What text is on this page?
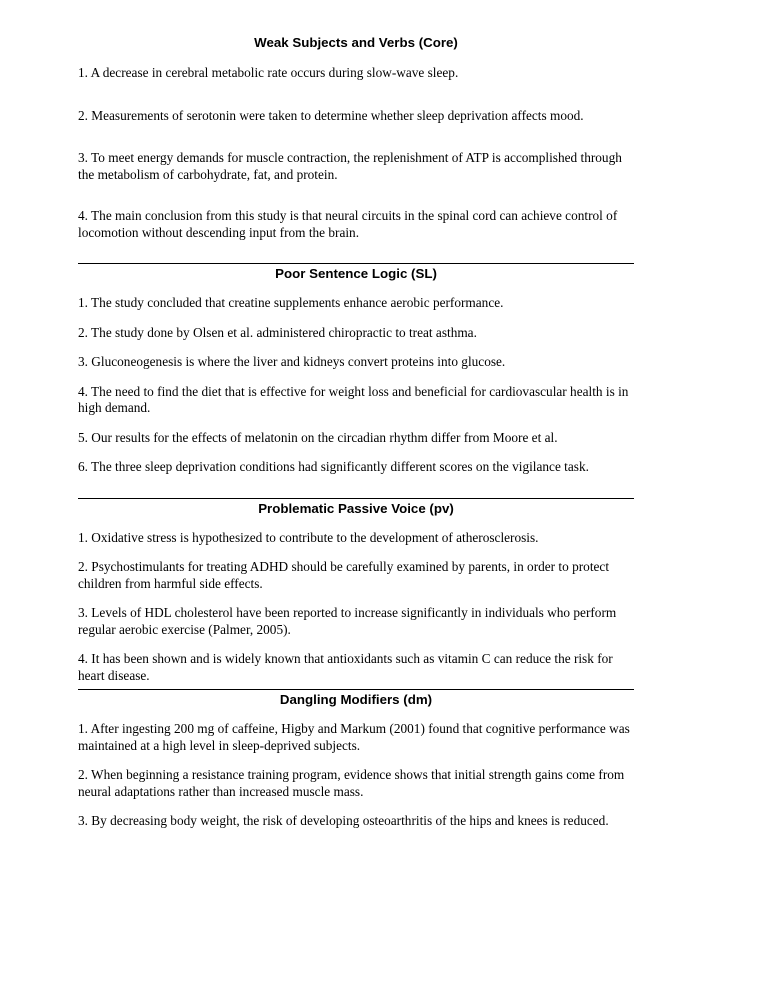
Weak Subjects and Verbs (Core)

1. A decrease in cerebral metabolic rate occurs during slow-wave sleep.

2. Measurements of serotonin were taken to determine whether sleep deprivation affects mood.

3. To meet energy demands for muscle contraction, the replenishment of ATP is accomplished through the metabolism of carbohydrate, fat, and protein.

4. The main conclusion from this study is that neural circuits in the spinal cord can achieve control of locomotion without descending input from the brain.

Poor Sentence Logic (SL)

1. The study concluded that creatine supplements enhance aerobic performance.

2. The study done by Olsen et al. administered chiropractic to treat asthma.

3. Gluconeogenesis is where the liver and kidneys convert proteins into glucose.

4. The need to find the diet that is effective for weight loss and beneficial for cardiovascular health is in high demand.

5. Our results for the effects of melatonin on the circadian rhythm differ from Moore et al.

6. The three sleep deprivation conditions had significantly different scores on the vigilance task.

Problematic Passive Voice (pv)

1. Oxidative stress is hypothesized to contribute to the development of atherosclerosis.

2. Psychostimulants for treating ADHD should be carefully examined by parents, in order to protect children from harmful side effects.

3. Levels of HDL cholesterol have been reported to increase significantly in individuals who perform regular aerobic exercise (Palmer, 2005).

4. It has been shown and is widely known that antioxidants such as vitamin C can reduce the risk for heart disease.

Dangling Modifiers (dm)

1. After ingesting 200 mg of caffeine, Higby and Markum (2001) found that cognitive performance was maintained at a high level in sleep-deprived subjects.

2. When beginning a resistance training program, evidence shows that initial strength gains come from neural adaptations rather than increased muscle mass.

3. By decreasing body weight, the risk of developing osteoarthritis of the hips and knees is reduced.
